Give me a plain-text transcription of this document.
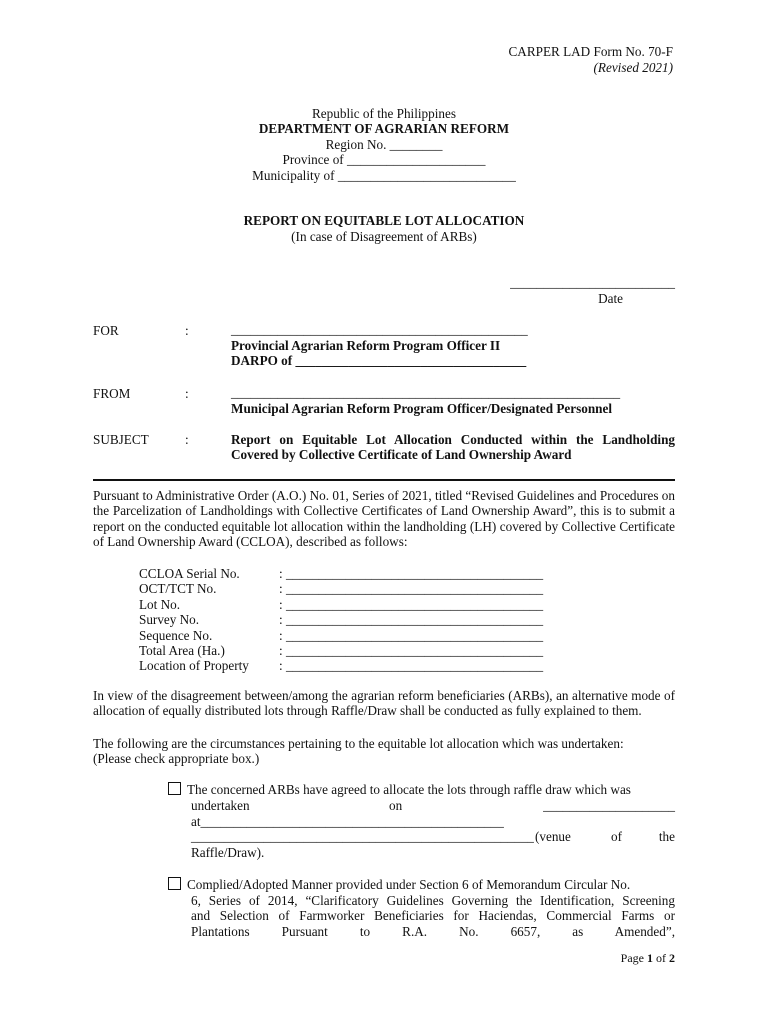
CARPER LAD Form No. 70-F
(Revised 2021)
Republic of the Philippines
DEPARTMENT OF AGRARIAN REFORM
Region No. ________
Province of _____________________
Municipality of ___________________________
REPORT ON EQUITABLE LOT ALLOCATION
(In case of Disagreement of ARBs)
_________________________
Date
FOR	:	_____________________________________________
Provincial Agrarian Reform Program Officer II
DARPO of ___________________________________
FROM	:	___________________________________________________________
Municipal Agrarian Reform Program Officer/Designated Personnel
SUBJECT	:	Report on Equitable Lot Allocation Conducted within the Landholding
Covered by Collective Certificate of Land Ownership Award
Pursuant to Administrative Order (A.O.) No. 01, Series of 2021, titled “Revised Guidelines and Procedures on the Parcelization of Landholdings with Collective Certificates of Land Ownership Award”, this is to submit a report on the conducted equitable lot allocation within the landholding (LH) covered by Collective Certificate of Land Ownership Award (CCLOA), described as follows:
CCLOA Serial No.	: _______________________________________
OCT/TCT No.	: _______________________________________
Lot No.	: _______________________________________
Survey No.	: _______________________________________
Sequence No.	: _______________________________________
Total Area (Ha.)	: _______________________________________
Location of Property : _______________________________________
In view of the disagreement between/among the agrarian reform beneficiaries (ARBs), an alternative mode of allocation of equally distributed lots through Raffle/Draw shall be conducted as fully explained to them.
The following are the circumstances pertaining to the equitable lot allocation which was undertaken:
(Please check appropriate box.)
The concerned ARBs have agreed to allocate the lots through raffle draw which was
undertaken	on	____________________
at______________________________________________
____________________________________________________ (venue	of	the
Raffle/Draw).
Complied/Adopted Manner provided under Section 6 of Memorandum Circular No.
6, Series of 2014, “Clarificatory Guidelines Governing the Identification, Screening
and Selection of Farmworker Beneficiaries for Haciendas, Commercial Farms or
Plantations Pursuant to R.A. No. 6657, as Amended”,
Page 1 of 2
